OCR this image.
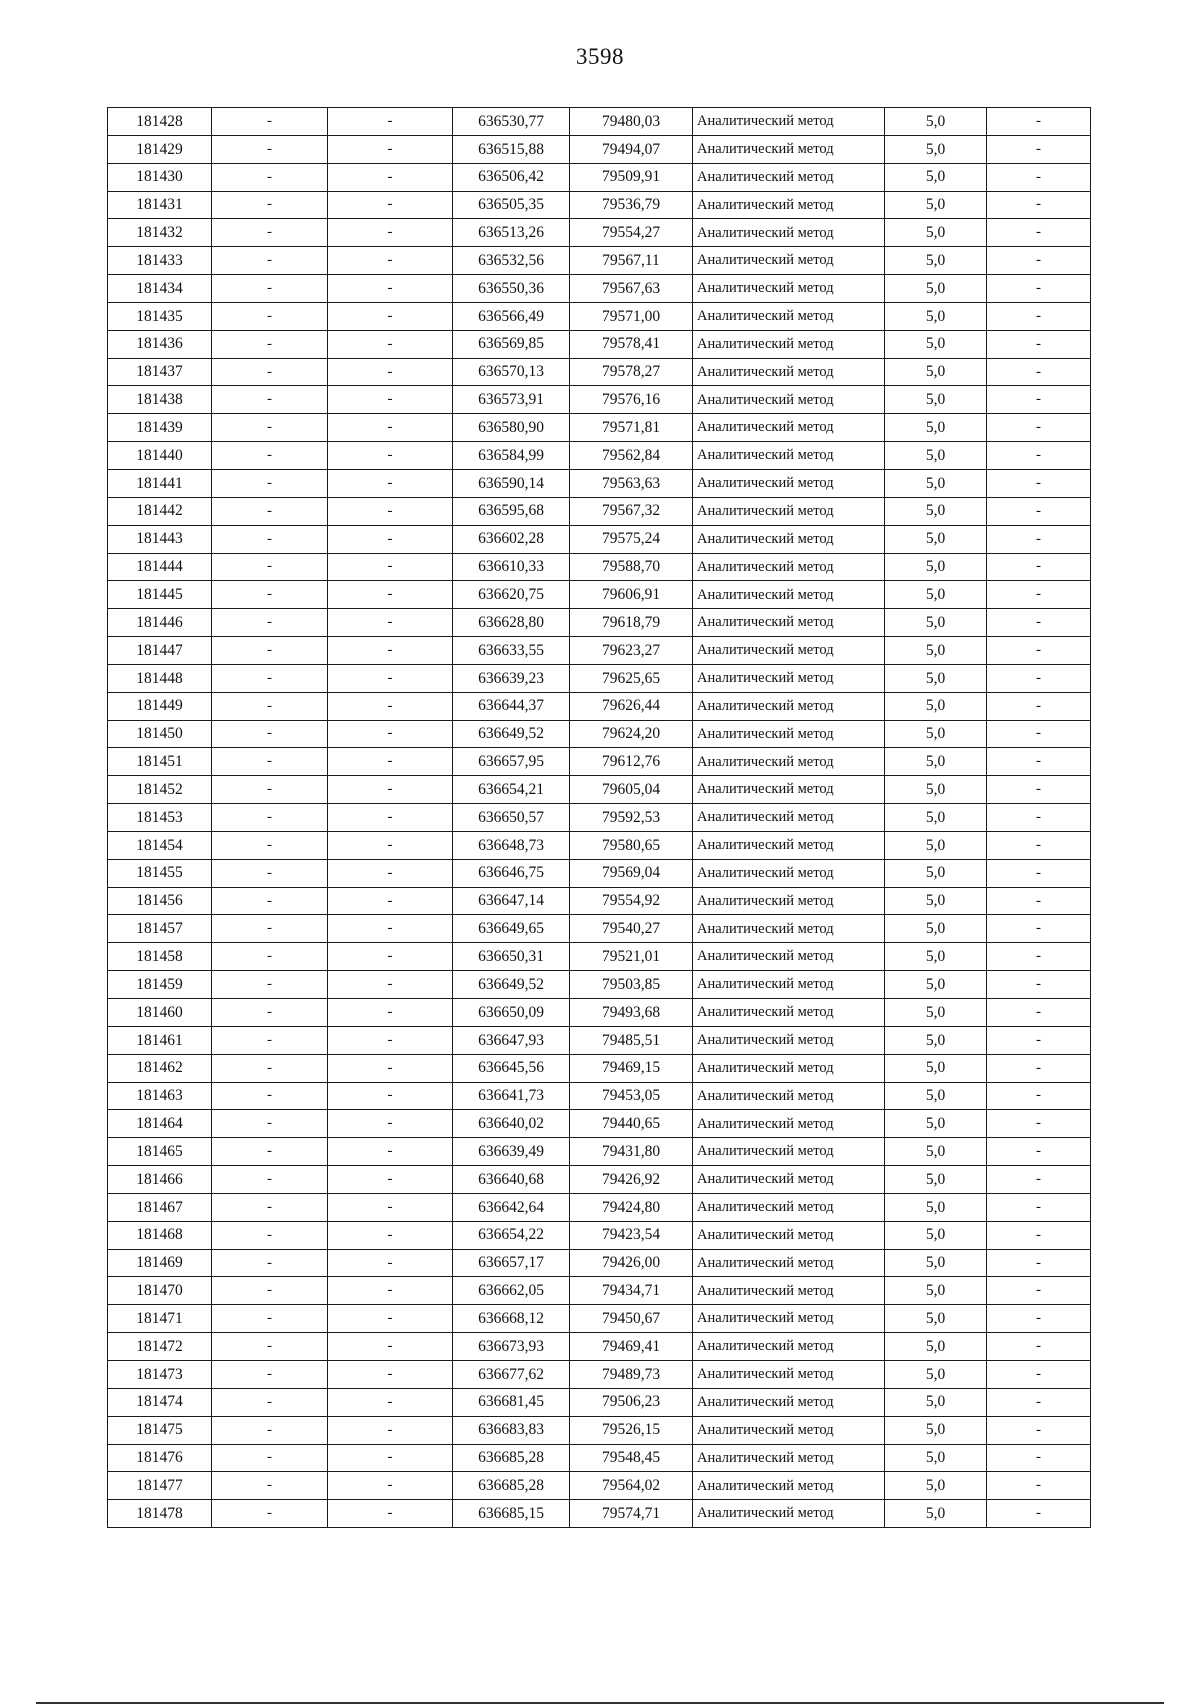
3598
181428	-	-	636530,77	79480,03	Аналитический метод	5,0	-
181429	-	-	636515,88	79494,07	Аналитический метод	5,0	-
181430	-	-	636506,42	79509,91	Аналитический метод	5,0	-
181431	-	-	636505,35	79536,79	Аналитический метод	5,0	-
181432	-	-	636513,26	79554,27	Аналитический метод	5,0	-
181433	-	-	636532,56	79567,11	Аналитический метод	5,0	-
181434	-	-	636550,36	79567,63	Аналитический метод	5,0	-
181435	-	-	636566,49	79571,00	Аналитический метод	5,0	-
181436	-	-	636569,85	79578,41	Аналитический метод	5,0	-
181437	-	-	636570,13	79578,27	Аналитический метод	5,0	-
181438	-	-	636573,91	79576,16	Аналитический метод	5,0	-
181439	-	-	636580,90	79571,81	Аналитический метод	5,0	-
181440	-	-	636584,99	79562,84	Аналитический метод	5,0	-
181441	-	-	636590,14	79563,63	Аналитический метод	5,0	-
181442	-	-	636595,68	79567,32	Аналитический метод	5,0	-
181443	-	-	636602,28	79575,24	Аналитический метод	5,0	-
181444	-	-	636610,33	79588,70	Аналитический метод	5,0	-
181445	-	-	636620,75	79606,91	Аналитический метод	5,0	-
181446	-	-	636628,80	79618,79	Аналитический метод	5,0	-
181447	-	-	636633,55	79623,27	Аналитический метод	5,0	-
181448	-	-	636639,23	79625,65	Аналитический метод	5,0	-
181449	-	-	636644,37	79626,44	Аналитический метод	5,0	-
181450	-	-	636649,52	79624,20	Аналитический метод	5,0	-
181451	-	-	636657,95	79612,76	Аналитический метод	5,0	-
181452	-	-	636654,21	79605,04	Аналитический метод	5,0	-
181453	-	-	636650,57	79592,53	Аналитический метод	5,0	-
181454	-	-	636648,73	79580,65	Аналитический метод	5,0	-
181455	-	-	636646,75	79569,04	Аналитический метод	5,0	-
181456	-	-	636647,14	79554,92	Аналитический метод	5,0	-
181457	-	-	636649,65	79540,27	Аналитический метод	5,0	-
181458	-	-	636650,31	79521,01	Аналитический метод	5,0	-
181459	-	-	636649,52	79503,85	Аналитический метод	5,0	-
181460	-	-	636650,09	79493,68	Аналитический метод	5,0	-
181461	-	-	636647,93	79485,51	Аналитический метод	5,0	-
181462	-	-	636645,56	79469,15	Аналитический метод	5,0	-
181463	-	-	636641,73	79453,05	Аналитический метод	5,0	-
181464	-	-	636640,02	79440,65	Аналитический метод	5,0	-
181465	-	-	636639,49	79431,80	Аналитический метод	5,0	-
181466	-	-	636640,68	79426,92	Аналитический метод	5,0	-
181467	-	-	636642,64	79424,80	Аналитический метод	5,0	-
181468	-	-	636654,22	79423,54	Аналитический метод	5,0	-
181469	-	-	636657,17	79426,00	Аналитический метод	5,0	-
181470	-	-	636662,05	79434,71	Аналитический метод	5,0	-
181471	-	-	636668,12	79450,67	Аналитический метод	5,0	-
181472	-	-	636673,93	79469,41	Аналитический метод	5,0	-
181473	-	-	636677,62	79489,73	Аналитический метод	5,0	-
181474	-	-	636681,45	79506,23	Аналитический метод	5,0	-
181475	-	-	636683,83	79526,15	Аналитический метод	5,0	-
181476	-	-	636685,28	79548,45	Аналитический метод	5,0	-
181477	-	-	636685,28	79564,02	Аналитический метод	5,0	-
181478	-	-	636685,15	79574,71	Аналитический метод	5,0	-
